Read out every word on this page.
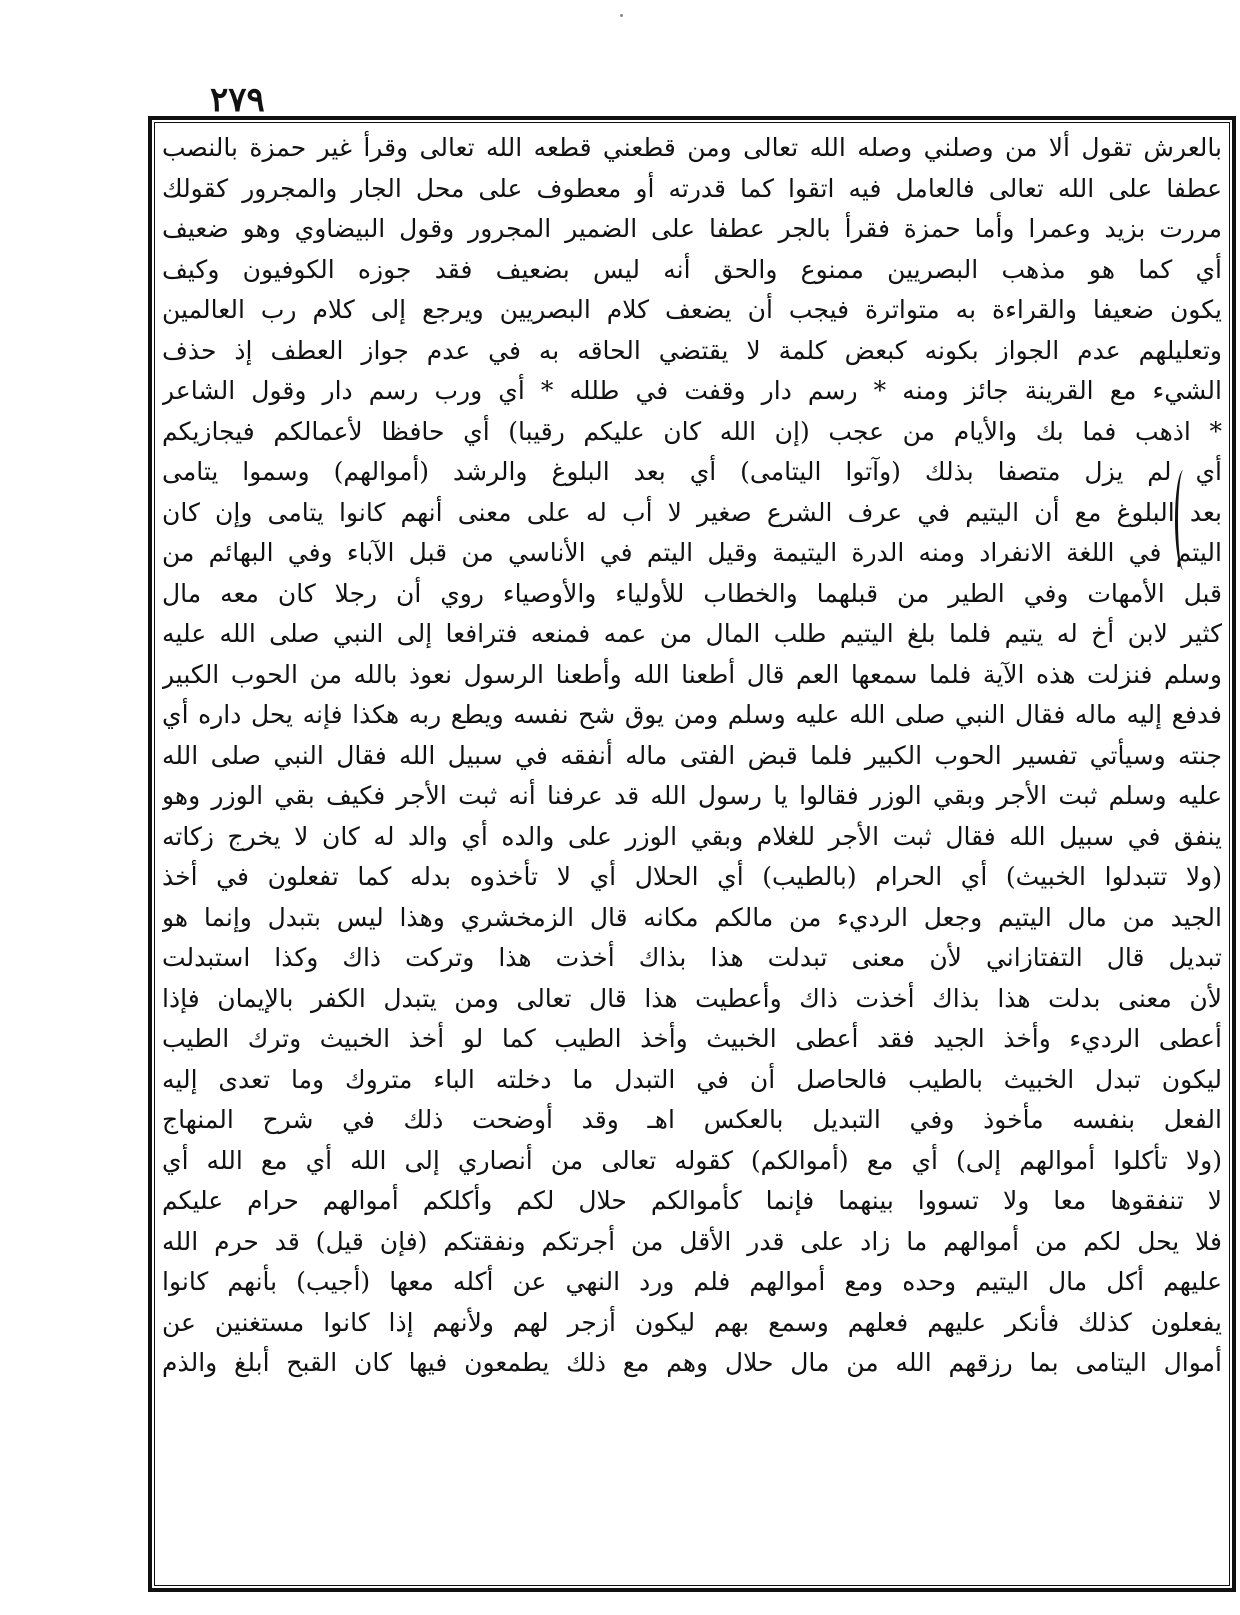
٢٧٩
بالعرش تقول ألا من وصلني وصله الله تعالى ومن قطعني قطعه الله تعالى وقرأ غير حمزة بالنصب
عطفا على الله تعالى فالعامل فيه اتقوا كما قدرته أو معطوف على محل الجار والمجرور كقولك
مررت بزيد وعمرا وأما حمزة فقرأ بالجر عطفا على الضمير المجرور وقول البيضاوي وهو ضعيف
أي كما هو مذهب البصريين ممنوع والحق أنه ليس بضعيف فقد جوزه الكوفيون وكيف
يكون ضعيفا والقراءة به متواترة فيجب أن يضعف كلام البصريين ويرجع إلى كلام رب العالمين
وتعليلهم عدم الجواز بكونه كبعض كلمة لا يقتضي الحاقه به في عدم جواز العطف إذ حذف
الشيء مع القرينة جائز ومنه * رسم دار وقفت في طلله * أي ورب رسم دار وقول الشاعر
* اذهب فما بك والأيام من عجب (إن الله كان عليكم رقيبا) أي حافظا لأعمالكم فيجازيكم
أي لم يزل متصفا بذلك (وآتوا اليتامى) أي بعد البلوغ والرشد (أموالهم) وسموا يتامى
بعد البلوغ مع أن اليتيم في عرف الشرع صغير لا أب له على معنى أنهم كانوا يتامى وإن كان
اليتم في اللغة الانفراد ومنه الدرة اليتيمة وقيل اليتم في الأناسي من قبل الآباء وفي البهائم من
قبل الأمهات وفي الطير من قبلهما والخطاب للأولياء والأوصياء روي أن رجلا كان معه مال
كثير لابن أخ له يتيم فلما بلغ اليتيم طلب المال من عمه فمنعه فترافعا إلى النبي صلى الله عليه
وسلم فنزلت هذه الآية فلما سمعها العم قال أطعنا الله وأطعنا الرسول نعوذ بالله من الحوب الكبير
فدفع إليه ماله فقال النبي صلى الله عليه وسلم ومن يوق شح نفسه ويطع ربه هكذا فإنه يحل داره أي
جنته وسيأتي تفسير الحوب الكبير فلما قبض الفتى ماله أنفقه في سبيل الله فقال النبي صلى الله
عليه وسلم ثبت الأجر وبقي الوزر فقالوا يا رسول الله قد عرفنا أنه ثبت الأجر فكيف بقي الوزر وهو
ينفق في سبيل الله فقال ثبت الأجر للغلام وبقي الوزر على والده أي والد له كان لا يخرج زكاته
(ولا تتبدلوا الخبيث) أي الحرام (بالطيب) أي الحلال أي لا تأخذوه بدله كما تفعلون في أخذ
الجيد من مال اليتيم وجعل الرديء من مالكم مكانه قال الزمخشري وهذا ليس بتبدل وإنما هو
تبديل قال التفتازاني لأن معنى تبدلت هذا بذاك أخذت هذا وتركت ذاك وكذا استبدلت
لأن معنى بدلت هذا بذاك أخذت ذاك وأعطيت هذا قال تعالى ومن يتبدل الكفر بالإيمان فإذا
أعطى الرديء وأخذ الجيد فقد أعطى الخبيث وأخذ الطيب كما لو أخذ الخبيث وترك الطيب
ليكون تبدل الخبيث بالطيب فالحاصل أن في التبدل ما دخلته الباء متروك وما تعدى إليه
الفعل بنفسه مأخوذ وفي التبديل بالعكس اهـ وقد أوضحت ذلك في شرح المنهاج
(ولا تأكلوا أموالهم إلى) أي مع (أموالكم) كقوله تعالى من أنصاري إلى الله أي مع الله أي
لا تنفقوها معا ولا تسووا بينهما فإنما كأموالكم حلال لكم وأكلكم أموالهم حرام عليكم
فلا يحل لكم من أموالهم ما زاد على قدر الأقل من أجرتكم ونفقتكم (فإن قيل) قد حرم الله
عليهم أكل مال اليتيم وحده ومع أموالهم فلم ورد النهي عن أكله معها (أجيب) بأنهم كانوا
يفعلون كذلك فأنكر عليهم فعلهم وسمع بهم ليكون أزجر لهم ولأنهم إذا كانوا مستغنين عن
أموال اليتامى بما رزقهم الله من مال حلال وهم مع ذلك يطمعون فيها كان القبح أبلغ والذم
